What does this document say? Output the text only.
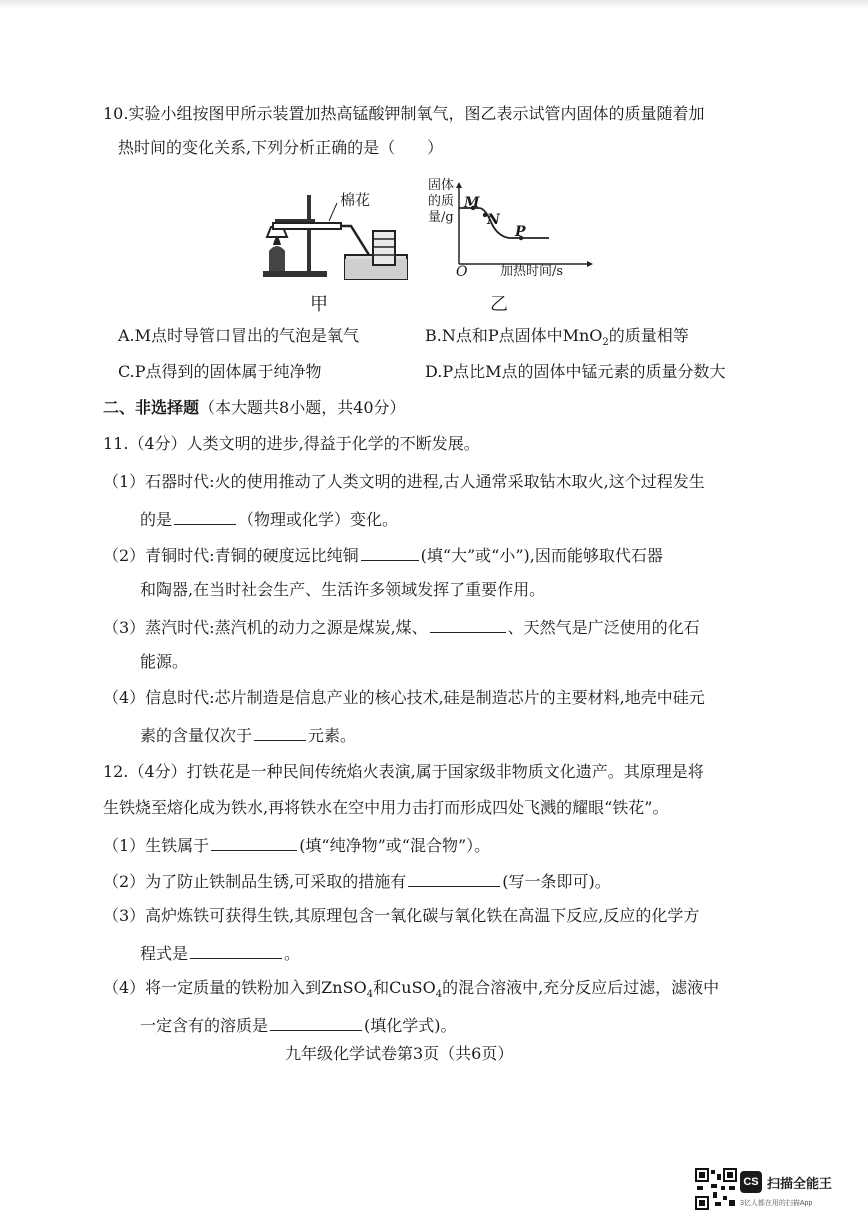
10.实验小组按图甲所示装置加热高锰酸钾制氧气，图乙表示试管内固体的质量随着加
热时间的变化关系,下列分析正确的是（　　）
棉花
甲
固体
的质
量/g
M
N
P
O	加热时间/s
乙
A.M点时导管口冒出的气泡是氧气	B.N点和P点固体中MnO$_2$的质量相等
C.P点得到的固体属于纯净物	D.P点比M点的固体中锰元素的质量分数大
二、非选择题（本大题共8小题，共40分）
11.（4分）人类文明的进步,得益于化学的不断发展。
（1）石器时代:火的使用推动了人类文明的进程,古人通常采取钻木取火,这个过程发生
的是	（物理或化学）变化。
（2）青铜时代:青铜的硬度远比纯铜	(填“大”或“小”),因而能够取代石器
和陶器,在当时社会生产、生活许多领域发挥了重要作用。
（3）蒸汽时代:蒸汽机的动力之源是煤炭,煤、	、天然气是广泛使用的化石
能源。
（4）信息时代:芯片制造是信息产业的核心技术,硅是制造芯片的主要材料,地壳中硅元
素的含量仅次于	元素。
12.（4分）打铁花是一种民间传统焰火表演,属于国家级非物质文化遗产。其原理是将
生铁烧至熔化成为铁水,再将铁水在空中用力击打而形成四处飞溅的耀眼“铁花”。
（1）生铁属于	(填“纯净物”或“混合物”）。
（2）为了防止铁制品生锈,可采取的措施有	(写一条即可)。
（3）高炉炼铁可获得生铁,其原理包含一氧化碳与氧化铁在高温下反应,反应的化学方
程式是	。
（4）将一定质量的铁粉加入到ZnSO$_4$和CuSO$_4$的混合溶液中,充分反应后过滤，滤液中
一定含有的溶质是	(填化学式)。
九年级化学试卷第3页（共6页）
CS 扫描全能王
3亿人都在用的扫描App
